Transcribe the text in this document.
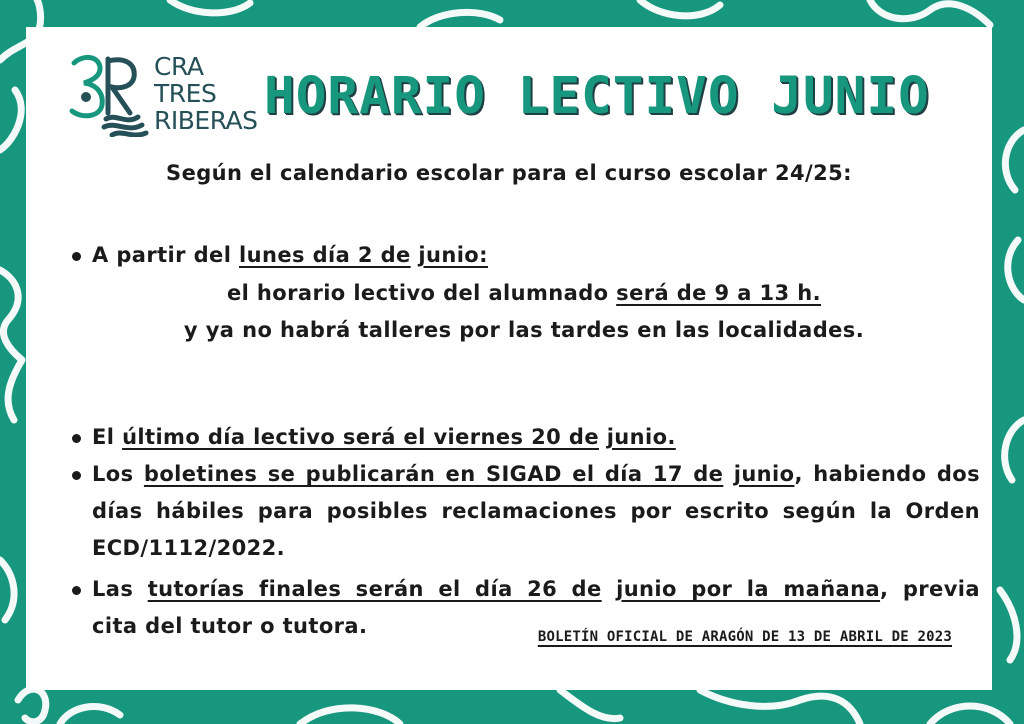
CRA
TRES
RIBERAS HORARIO LECTIVO JUNIO
Según el calendario escolar para el curso escolar 24/25:
A partir del lunes día 2 de junio:
el horario lectivo del alumnado será de 9 a 13 h.
y ya no habrá talleres por las tardes en las localidades.
El último día lectivo será el viernes 20 de junio.
Los boletines se publicarán en SIGAD el día 17 de junio, habiendo dos
días hábiles para posibles reclamaciones por escrito según la Orden
ECD/1112/2022.
Las tutorías finales serán el día 26 de junio por la mañana, previa
cita del tutor o tutora.	BOLETÍN OFICIAL DE ARAGÓN DE 13 DE ABRIL DE 2023
